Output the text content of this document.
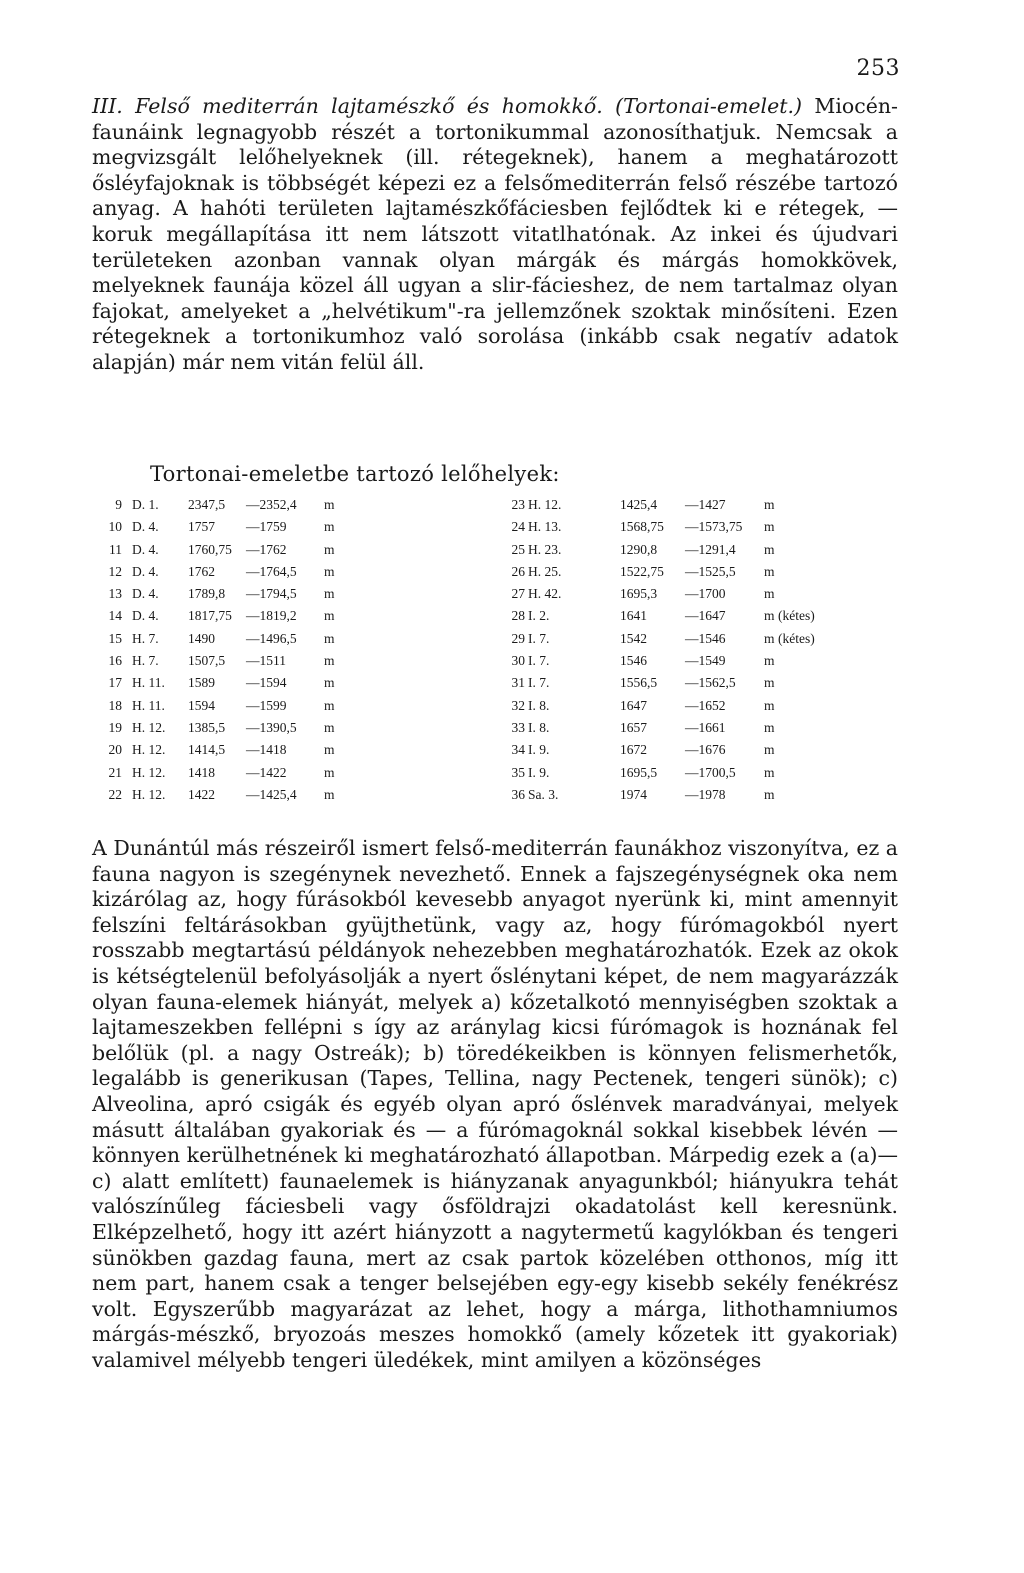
253
III. Felső mediterrán lajtamészkő és homokkő. (Tortonai-emelet.) Miocén-faunáink legnagyobb részét a tortonikummal azonosíthatjuk. Nemcsak a megvizsgált lelőhelyeknek (ill. rétegeknek), hanem a meghatározott ősléyfajoknak is többségét képezi ez a felsőmediterrán felső részébe tartozó anyag. A hahóti területen lajtamészkőfáciesben fejlődtek ki e rétegek, — koruk megállapítása itt nem látszott vitatlhatónak. Az inkei és újudvari területeken azonban vannak olyan márgák és márgás homokkövek, melyeknek faunája közel áll ugyan a slir-fácieshez, de nem tartalmaz olyan fajokat, amelyeket a „helvétikum"-ra jellemzőnek szoktak minősíteni. Ezen rétegeknek a tortonikumhoz való sorolása (inkább csak negatív adatok alapján) már nem vitán felül áll.
Tortonai-emeletbe tartozó lelőhelyek:
9 D. 1. 2347,5 —2352,4 m	23 H. 12.	1425,4 —1427	m
10 D. 4. 1757 —1759	m	24 H. 13.	1568,75 —1573,75 m
11 D. 4. 1760,75 —1762	m	25 H. 23.	1290,8 —1291,4 m
12 D. 4. 1762 —1764,5 m	26 H. 25.	1522,75 —1525,5 m
13 D. 4. 1789,8 —1794,5 m	27 H. 42.	1695,3 —1700	m
14 D. 4. 1817,75 —1819,2 m	28 I. 2.	1641	—1647	m (kétes)
15 H. 7. 1490 —1496,5 m	29 I. 7.	1542	—1546	m (kétes)
16 H. 7. 1507,5 —1511	m	30 I. 7.	1546	—1549	m
17 H. 11. 1589 —1594	m	31 I. 7.	1556,5 —1562,5 m
18 H. 11. 1594 —1599	m	32 I. 8.	1647	—1652	m
19 H. 12. 1385,5 —1390,5 m	33 I. 8.	1657	—1661	m
20 H. 12. 1414,5 —1418	m	34 I. 9.	1672	—1676	m
21 H. 12. 1418 —1422	m	35 I. 9.	1695,5 —1700,5 m
22 H. 12. 1422 —1425,4 m	36 Sa. 3.	1974	—1978	m
A Dunántúl más részeiről ismert felső-mediterrán faunákhoz viszonyítva, ez a fauna nagyon is szegénynek nevezhető. Ennek a fajszegénységnek oka nem kizárólag az, hogy fúrásokból kevesebb anyagot nyerünk ki, mint amennyit felszíni feltárásokban gyüjthetünk, vagy az, hogy fúrómagokból nyert rosszabb megtartású példányok nehezebben meghatározhatók. Ezek az okok is kétségtelenül befolyásolják a nyert őslénytani képet, de nem magyarázzák olyan fauna-elemek hiányát, melyek a) kőzetalkotó mennyiségben szoktak a lajtameszekben fellépni s így az aránylag kicsi fúrómagok is hoznának fel belőlük (pl. a nagy Ostreák); b) töredékeikben is könnyen felismerhetők, legalább is generikusan (Tapes, Tellina, nagy Pectenek, tengeri sünök); c) Alveolina, apró csigák és egyéb olyan apró őslénvek maradványai, melyek másutt általában gyakoriak és — a fúrómagoknál sokkal kisebbek lévén — könnyen kerülhetnének ki meghatározható állapotban. Márpedig ezek a (a)—c) alatt említett) faunaelemek is hiányzanak anyagunkból; hiányukra tehát valószínűleg fáciesbeli vagy ősföldrajzi okadatolást kell keresnünk. Elképzelhető, hogy itt azért hiányzott a nagytermetű kagylókban és tengeri sünökben gazdag fauna, mert az csak partok közelében otthonos, míg itt nem part, hanem csak a tenger belsejében egy-egy kisebb sekély fenékrész volt. Egyszerűbb magyarázat az lehet, hogy a márga, lithothamniumos márgás-mészkő, bryozoás meszes homokkő (amely kőzetek itt gyakoriak) valamivel mélyebb tengeri üledékek, mint amilyen a közönséges
